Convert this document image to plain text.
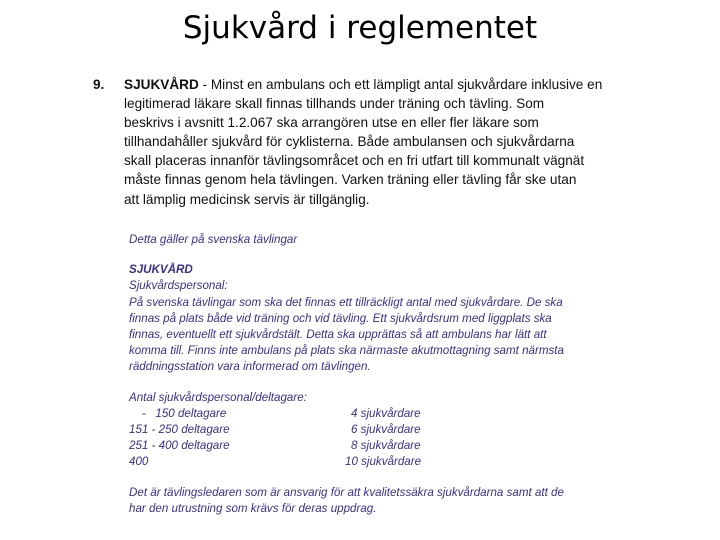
Sjukvård i reglementet
9. SJUKVÅRD - Minst en ambulans och ett lämpligt antal sjukvårdare inklusive en
legitimerad läkare skall finnas tillhands under träning och tävling. Som
beskrivs i avsnitt 1.2.067 ska arrangören utse en eller fler läkare som
tillhandahåller sjukvård för cyklisterna. Både ambulansen och sjukvårdarna
skall placeras innanför tävlingsområcet och en fri utfart till kommunalt vägnät
måste finnas genom hela tävlingen. Varken träning eller tävling får ske utan
att lämplig medicinsk servis är tillgänglig.
Detta gäller på svenska tävlingar
SJUKVÅRD
Sjukvårdspersonal:
På svenska tävlingar som ska det finnas ett tillräckligt antal med sjukvårdare. De ska
finnas på plats både vid träning och vid tävling. Ett sjukvårdsrum med liggplats ska
finnas, eventuellt ett sjukvårdstält. Detta ska upprättas så att ambulans har lätt att
komma till. Finns inte ambulans på plats ska närmaste akutmottagning samt närmsta
räddningsstation vara informerad om tävlingen.
Antal sjukvårdspersonal/deltagare:
-   150 deltagare	4 sjukvårdare
151 - 250 deltagare	6 sjukvårdare
251 - 400 deltagare	8 sjukvårdare
400	10 sjukvårdare
Det är tävlingsledaren som är ansvarig för att kvalitetssäkra sjukvårdarna samt att de
har den utrustning som krävs för deras uppdrag.
